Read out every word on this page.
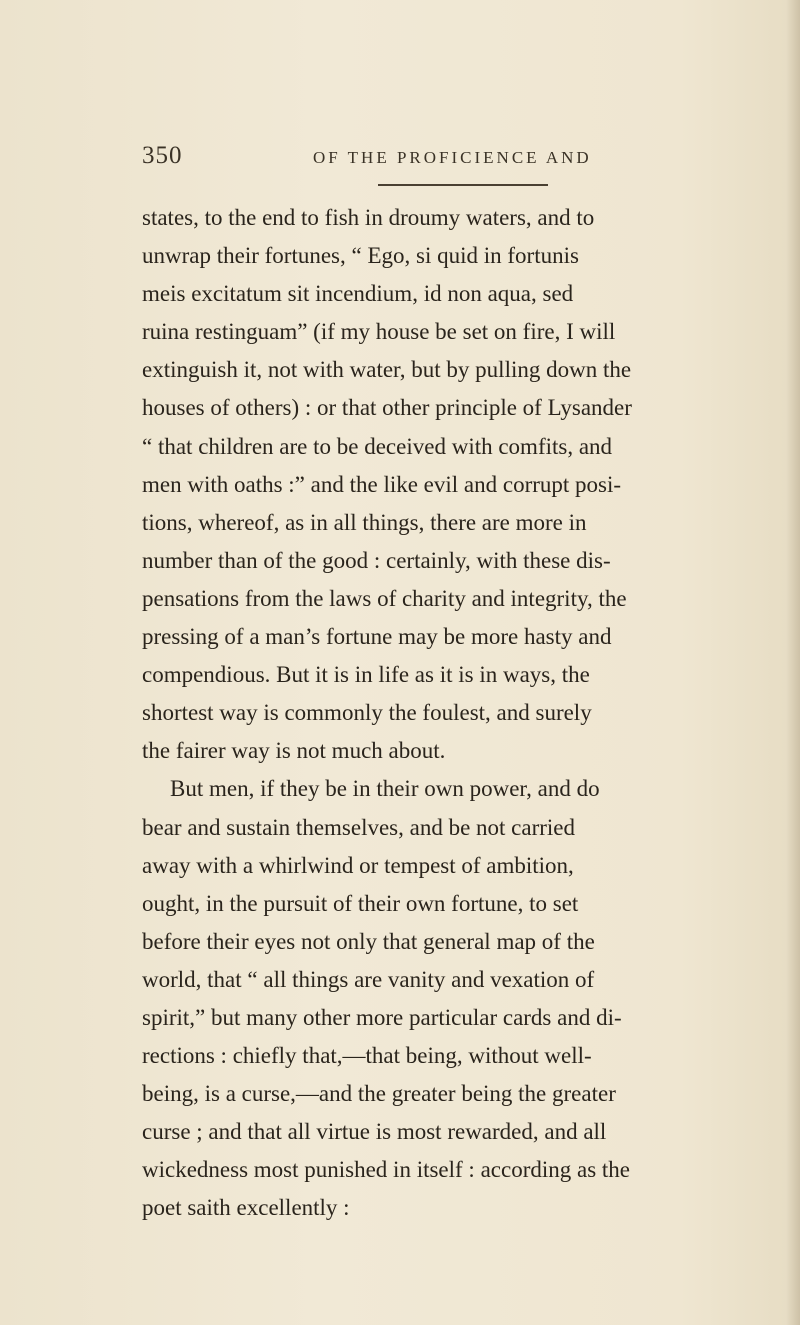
350	OF THE PROFICIENCE AND
states, to the end to fish in droumy waters, and to
unwrap their fortunes, “ Ego, si quid in fortunis
meis excitatum sit incendium, id non aqua, sed
ruina restinguam” (if my house be set on fire, I will
extinguish it, not with water, but by pulling down the
houses of others) : or that other principle of Lysander
“ that children are to be deceived with comfits, and
men with oaths :” and the like evil and corrupt posi-
tions, whereof, as in all things, there are more in
number than of the good : certainly, with these dis-
pensations from the laws of charity and integrity, the
pressing of a man’s fortune may be more hasty and
compendious. But it is in life as it is in ways, the
shortest way is commonly the foulest, and surely
the fairer way is not much about.
But men, if they be in their own power, and do
bear and sustain themselves, and be not carried
away with a whirlwind or tempest of ambition,
ought, in the pursuit of their own fortune, to set
before their eyes not only that general map of the
world, that “ all things are vanity and vexation of
spirit,” but many other more particular cards and di-
rections : chiefly that,—that being, without well-
being, is a curse,—and the greater being the greater
curse ; and that all virtue is most rewarded, and all
wickedness most punished in itself : according as the
poet saith excellently :
